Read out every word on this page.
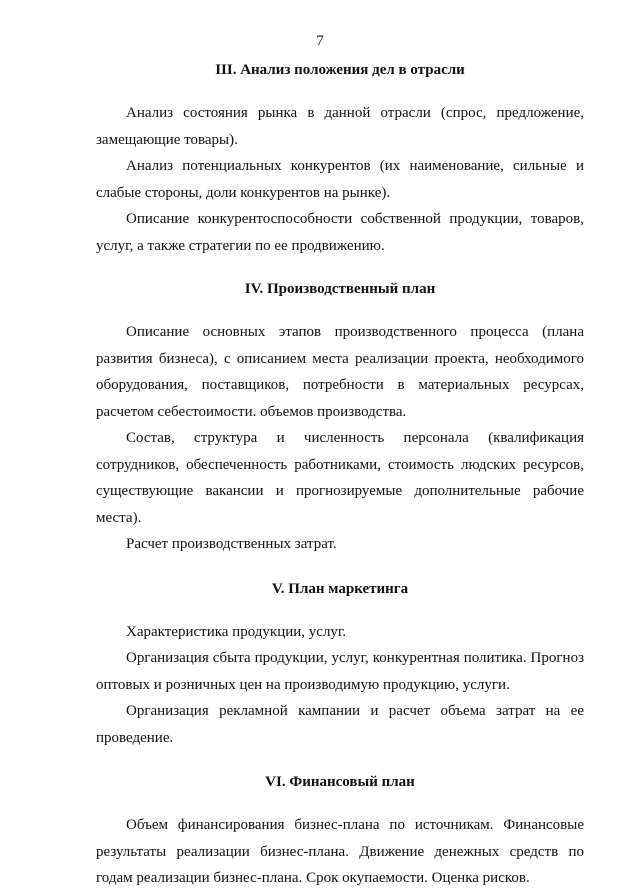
7
III. Анализ положения дел в отрасли

Анализ состояния рынка в данной отрасли (спрос, предложение, замещающие товары).

Анализ потенциальных конкурентов (их наименование, сильные и слабые стороны, доли конкурентов на рынке).

Описание конкурентоспособности собственной продукции, товаров, услуг, а также стратегии по ее продвижению.

IV. Производственный план

Описание основных этапов производственного процесса (плана развития бизнеса), с описанием места реализации проекта, необходимого оборудования, поставщиков, потребности в материальных ресурсах, расчетом себестоимости. объемов производства.

Состав, структура и численность персонала (квалификация сотрудников, обеспеченность работниками, стоимость людских ресурсов, существующие вакансии и прогнозируемые дополнительные рабочие места).

Расчет производственных затрат.

V. План маркетинга

Характеристика продукции, услуг.

Организация сбыта продукции, услуг, конкурентная политика. Прогноз оптовых и розничных цен на производимую продукцию, услуги.

Организация рекламной кампании и расчет объема затрат на ее проведение.

VI. Финансовый план

Объем финансирования бизнес-плана по источникам. Финансовые результаты реализации бизнес-плана. Движение денежных средств по годам реализации бизнес-плана. Срок окупаемости. Оценка рисков.
